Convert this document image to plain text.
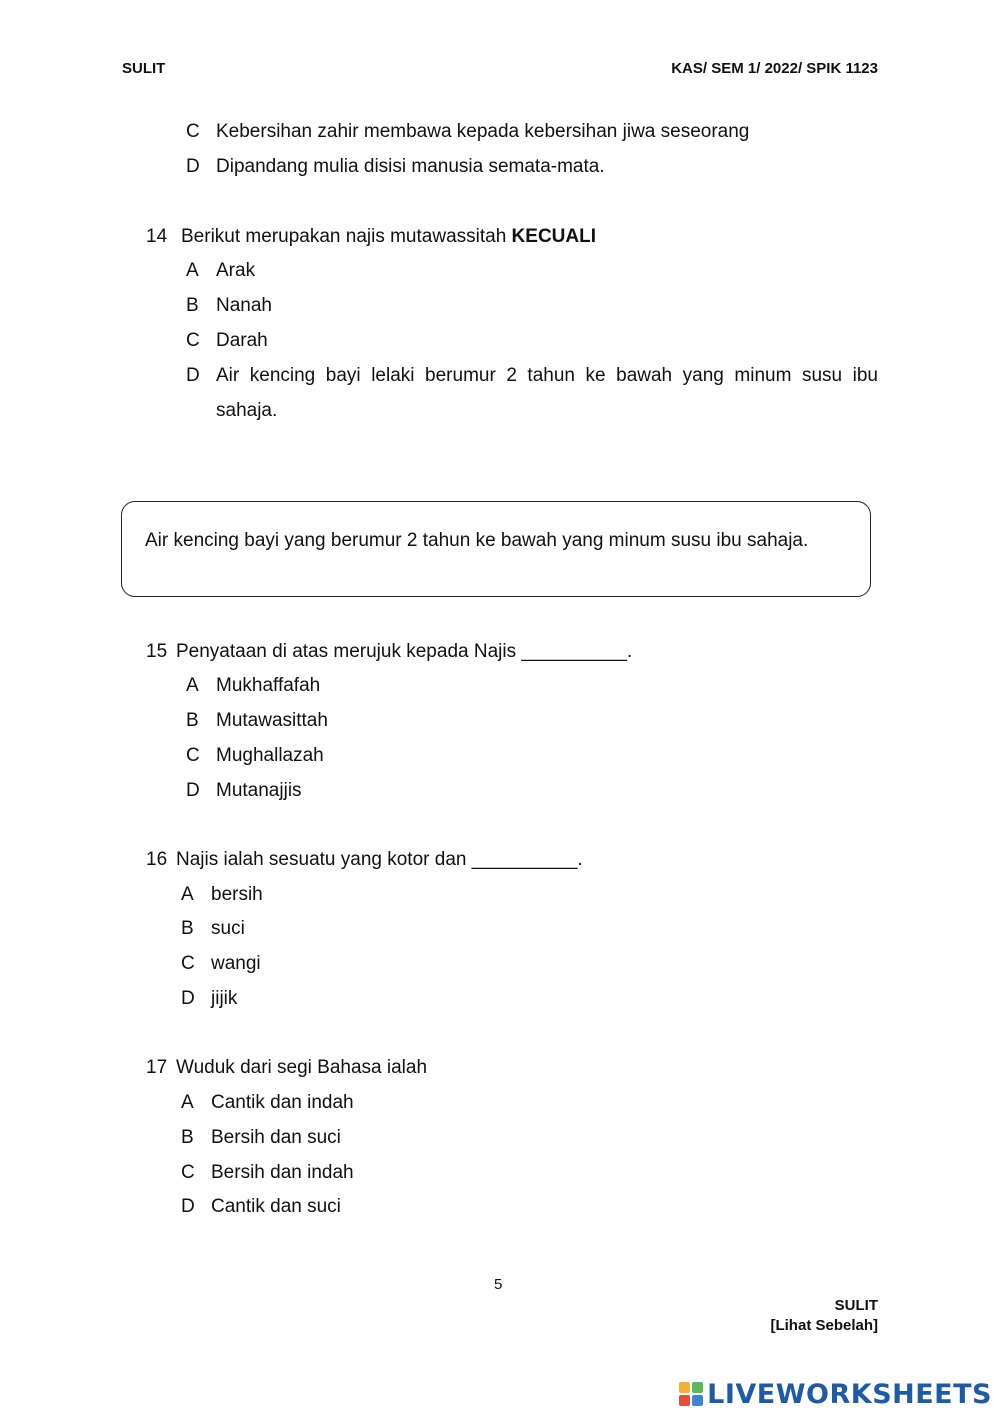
SULIT	KAS/ SEM 1/ 2022/ SPIK 1123
C Kebersihan zahir membawa kepada kebersihan jiwa seseorang
D Dipandang mulia disisi manusia semata-mata.
14 Berikut merupakan najis mutawassitah KECUALI
A Arak
B Nanah
C Darah
D Air kencing bayi lelaki berumur 2 tahun ke bawah yang minum susu ibu
sahaja.
Air kencing bayi yang berumur 2 tahun ke bawah yang minum susu ibu sahaja.
15 Penyataan di atas merujuk kepada Najis __________.
A Mukhaffafah
B Mutawasittah
C Mughallazah
D Mutanajjis
16 Najis ialah sesuatu yang kotor dan __________.
A bersih
B suci
C wangi
D jijik
17 Wuduk dari segi Bahasa ialah
A Cantik dan indah
B Bersih dan suci
C Bersih dan indah
D Cantik dan suci
5
SULIT
[Lihat Sebelah]
LIVEWORKSHEETS
